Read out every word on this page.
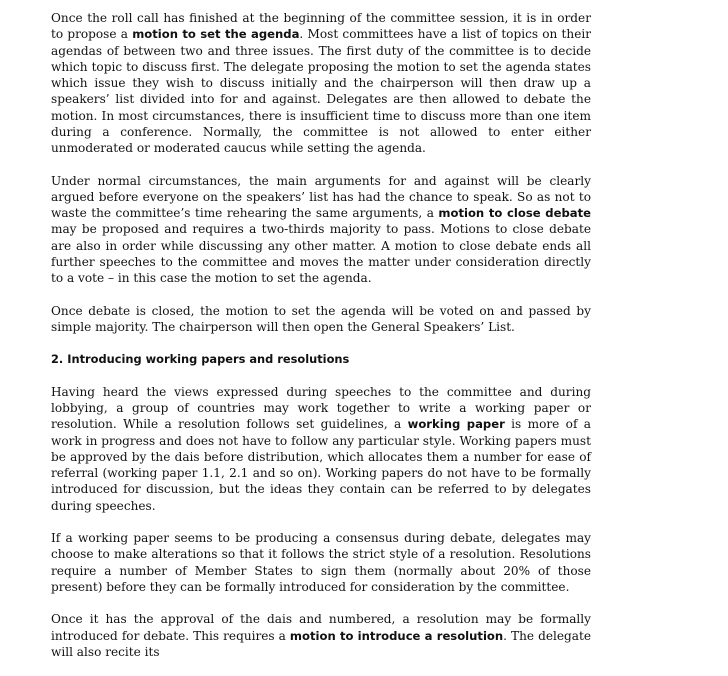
Once the roll call has finished at the beginning of the committee session, it is in order to propose a motion to set the agenda. Most committees have a list of topics on their agendas of between two and three issues. The first duty of the committee is to decide which topic to discuss first. The delegate proposing the motion to set the agenda states which issue they wish to discuss initially and the chairperson will then draw up a speakers’ list divided into for and against. Delegates are then allowed to debate the motion. In most circumstances, there is insufficient time to discuss more than one item during a conference. Normally, the committee is not allowed to enter either unmoderated or moderated caucus while setting the agenda.

Under normal circumstances, the main arguments for and against will be clearly argued before everyone on the speakers’ list has had the chance to speak. So as not to waste the committee’s time rehearing the same arguments, a motion to close debate may be proposed and requires a two-thirds majority to pass. Motions to close debate are also in order while discussing any other matter. A motion to close debate ends all further speeches to the committee and moves the matter under consideration directly to a vote – in this case the motion to set the agenda.

Once debate is closed, the motion to set the agenda will be voted on and passed by simple majority. The chairperson will then open the General Speakers’ List.

2. Introducing working papers and resolutions

Having heard the views expressed during speeches to the committee and during lobbying, a group of countries may work together to write a working paper or resolution. While a resolution follows set guidelines, a working paper is more of a work in progress and does not have to follow any particular style. Working papers must be approved by the dais before distribution, which allocates them a number for ease of referral (working paper 1.1, 2.1 and so on). Working papers do not have to be formally introduced for discussion, but the ideas they contain can be referred to by delegates during speeches.

If a working paper seems to be producing a consensus during debate, delegates may choose to make alterations so that it follows the strict style of a resolution. Resolutions require a number of Member States to sign them (normally about 20% of those present) before they can be formally introduced for consideration by the committee.

Once it has the approval of the dais and numbered, a resolution may be formally introduced for debate. This requires a motion to introduce a resolution. The delegate will also recite its
